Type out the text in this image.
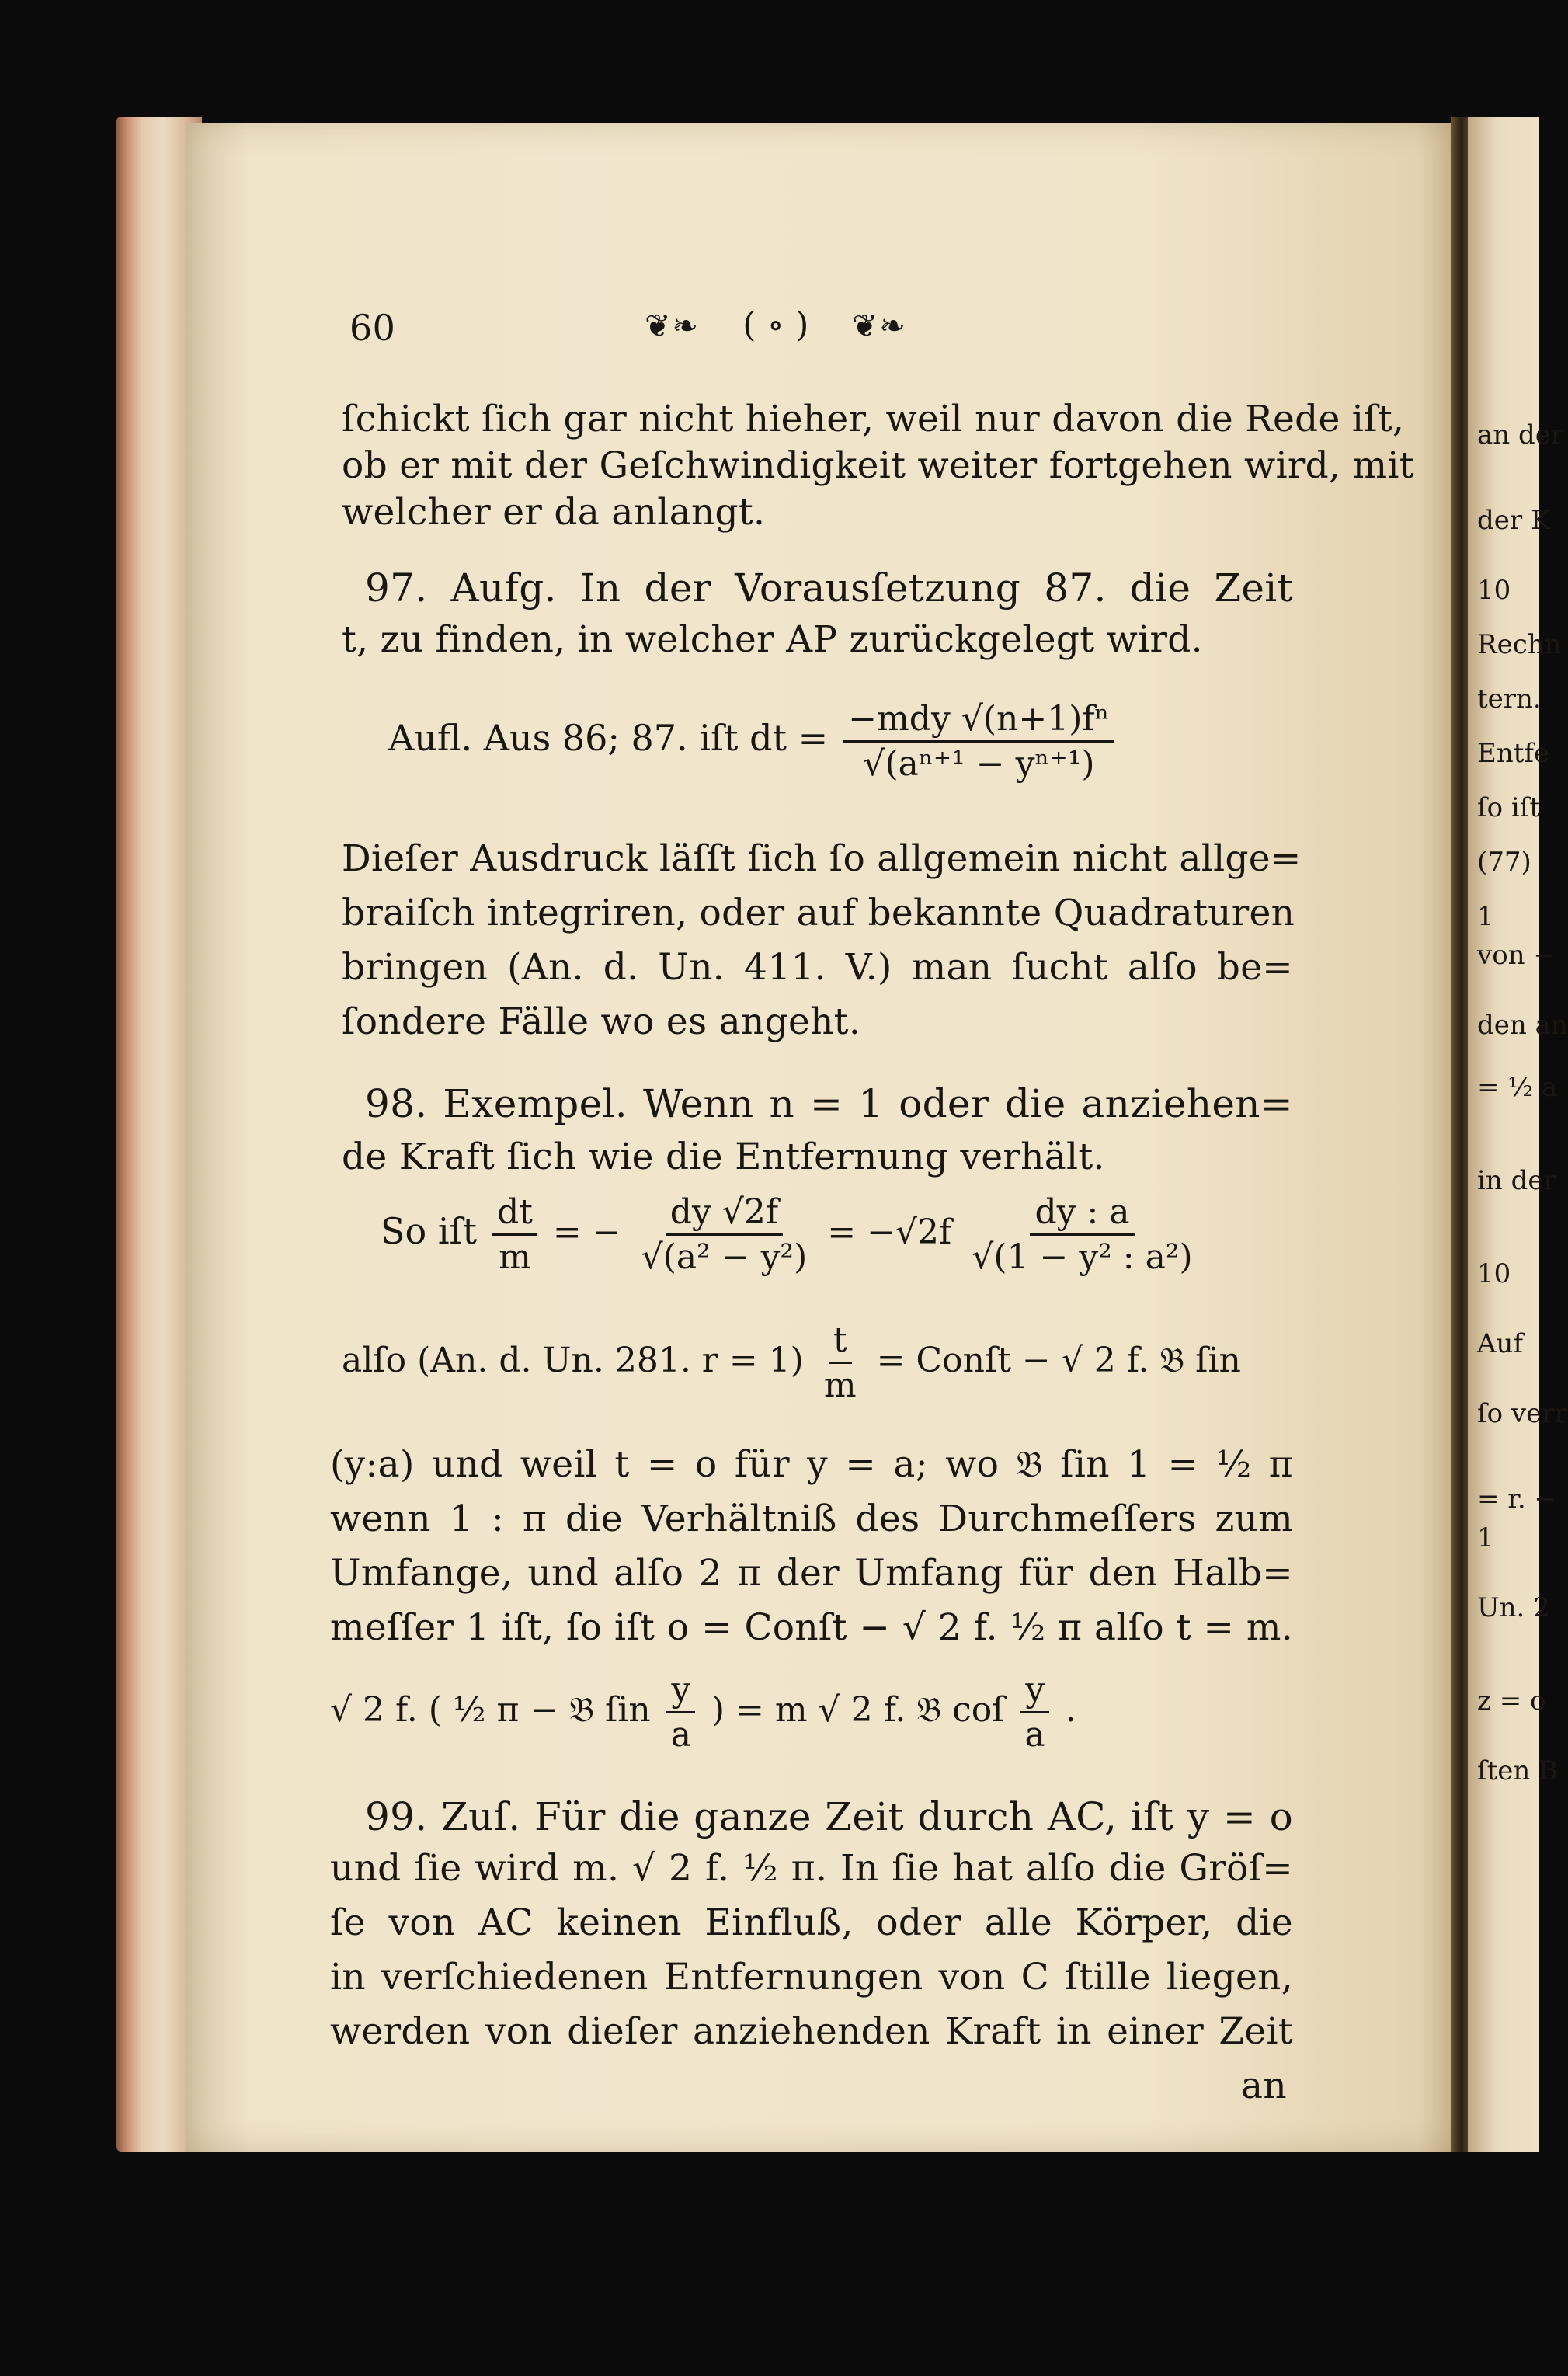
an der
der K
10
Rechn
tern.
Entfe
ſo iſt
(77)
1
von −
den an
= ½ a
in der
10
Auf
ſo verr
= r. −
1
Un. 2
z = o
ſten B
60	❦❧ ( ∘ ) ❦❧
ſchickt ſich gar nicht hieher, weil nur davon die Rede iſt,
ob er mit der Geſchwindigkeit weiter fortgehen wird, mit
welcher er da anlangt.
97. Aufg. In der Vorausſetzung 87. die Zeit
t, zu finden, in welcher AP zurückgelegt wird.
Aufl. Aus 86; 87. iſt dt = $\frac{\text{−mdy √(n+1)fⁿ}}{\text{√(aⁿ⁺¹ − yⁿ⁺¹)}}$
Dieſer Ausdruck läſſt ſich ſo allgemein nicht allge=
braiſch integriren, oder auf bekannte Quadraturen
bringen (An. d. Un. 411. V.) man ſucht alſo be=
ſondere Fälle wo es angeht.
98. Exempel. Wenn n = 1 oder die anziehen=
de Kraft ſich wie die Entfernung verhält.
So iſt $\frac{dt}{m}$ = − $\frac{dy √2f}{\text{√(a² − y²)}} = -√2f \frac{dy : a}{\text{√(1 − y² : a²)}}$
alſo (An. d. Un. 281. $r = 1) \frac{t}{m}$ = Conſt − √ 2 f. 𝔅 ſin
(y:a) und weil t = o für y = a; wo 𝔅 ſin 1 = ½ π
wenn 1 : π die Verhältniß des Durchmeſſers zum
Umfange, und alſo 2 π der Umfang für den Halb=
meſſer 1 iſt, ſo iſt o = Conſt − √ 2 f. ½ π alſo t = m.
√ 2 f. ( ½ π − 𝔅 ſin $\frac{y}{a}$ ) = m √ 2 f. 𝔅 coſ $\frac{y}{a}$ .
99. Zuſ. Für die ganze Zeit durch AC, iſt y = o
und ſie wird m. √ 2 f. ½ π. In ſie hat alſo die Gröſ=
ſe von AC keinen Einfluß, oder alle Körper, die
in verſchiedenen Entfernungen von C ſtille liegen,
werden von dieſer anziehenden Kraft in einer Zeit
an
